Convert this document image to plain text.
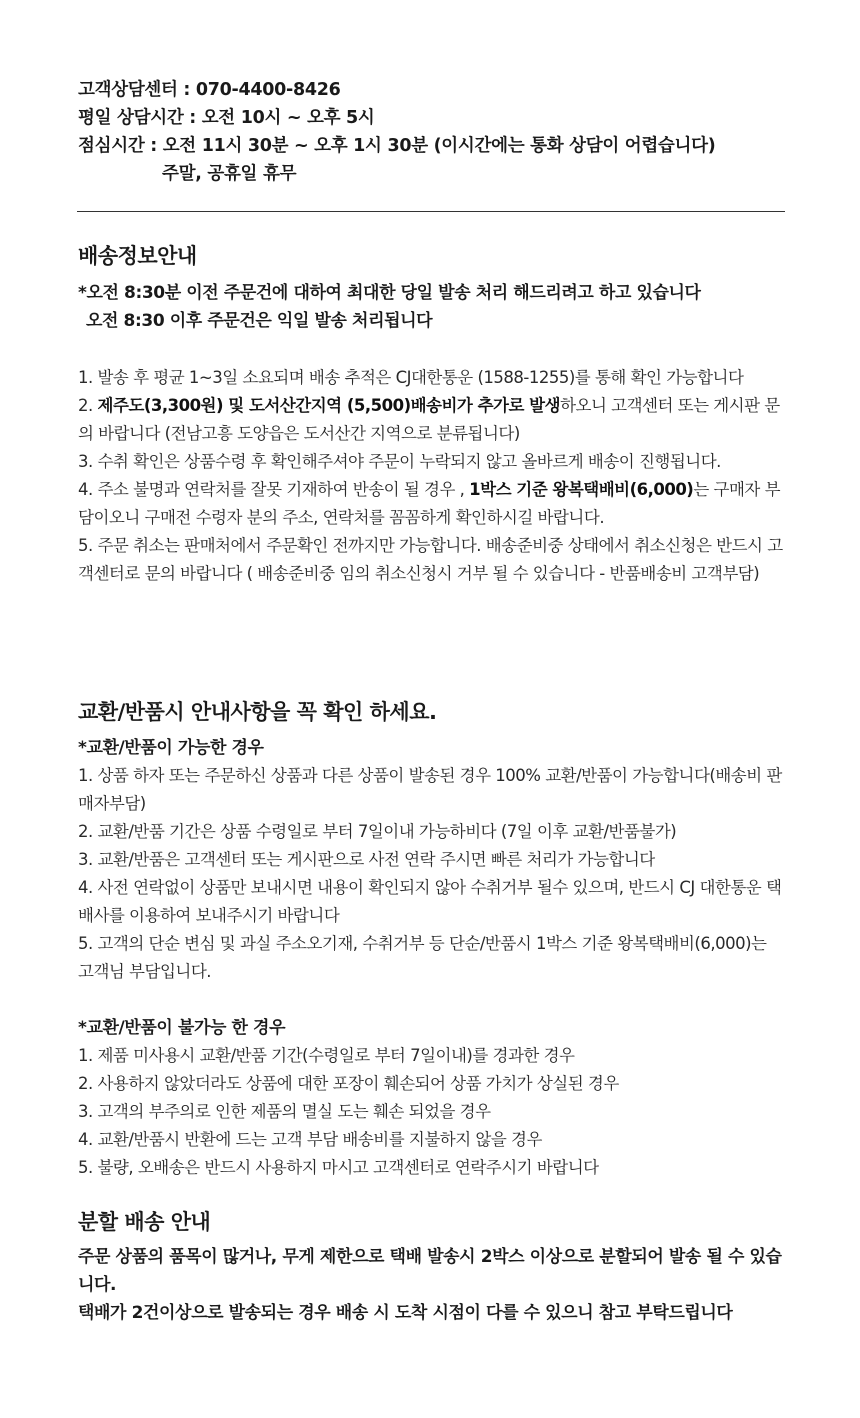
고객상담센터 : 070-4400-8426
평일 상담시간 : 오전 10시 ~ 오후 5시
점심시간 : 오전 11시 30분 ~ 오후 1시 30분 (이시간에는 통화 상담이 어렵습니다)
주말, 공휴일 휴무
배송정보안내

*오전 8:30분 이전 주문건에 대하여 최대한 당일 발송 처리 해드리려고 하고 있습니다

오전 8:30 이후 주문건은 익일 발송 처리됩니다

1. 발송 후 평균 1~3일 소요되며 배송 추적은 CJ대한통운 (1588-1255)를 통해 확인 가능합니다

2. 제주도(3,300원) 및 도서산간지역 (5,500)배송비가 추가로 발생하오니 고객센터 또는 게시판 문의 바랍니다 (전남고흥 도양읍은 도서산간 지역으로 분류됩니다)

3. 수취 확인은 상품수령 후 확인해주셔야 주문이 누락되지 않고 올바르게 배송이 진행됩니다.

4. 주소 불명과 연락처를 잘못 기재하여 반송이 될 경우 , 1박스 기준 왕복택배비(6,000)는 구매자 부담이오니 구매전 수령자 분의 주소, 연락처를 꼼꼼하게 확인하시길 바랍니다.

5. 주문 취소는 판매처에서 주문확인 전까지만 가능합니다. 배송준비중 상태에서 취소신청은 반드시 고객센터로 문의 바랍니다 ( 배송준비중 임의 취소신청시 거부 될 수 있습니다 - 반품배송비 고객부담)

교환/반품시 안내사항을 꼭 확인 하세요.

*교환/반품이 가능한 경우

1. 상품 하자 또는 주문하신 상품과 다른 상품이 발송된 경우 100% 교환/반품이 가능합니다(배송비 판매자부담)

2. 교환/반품 기간은 상품 수령일로 부터 7일이내 가능하비다 (7일 이후 교환/반품불가)

3. 교환/반품은 고객센터 또는 게시판으로 사전 연락 주시면 빠른 처리가 가능합니다

4. 사전 연락없이 상품만 보내시면 내용이 확인되지 않아 수취거부 될수 있으며, 반드시 CJ 대한통운 택배사를 이용하여 보내주시기 바랍니다

5. 고객의 단순 변심 및 과실 주소오기재, 수취거부 등 단순/반품시 1박스 기준 왕복택배비(6,000)는 고객님 부담입니다.

*교환/반품이 불가능 한 경우

1. 제품 미사용시 교환/반품 기간(수령일로 부터 7일이내)를 경과한 경우

2. 사용하지 않았더라도 상품에 대한 포장이 훼손되어 상품 가치가 상실된 경우

3. 고객의 부주의로 인한 제품의 멸실 도는 훼손 되었을 경우

4. 교환/반품시 반환에 드는 고객 부담 배송비를 지불하지 않을 경우

5. 불량, 오배송은 반드시 사용하지 마시고 고객센터로 연락주시기 바랍니다

분할 배송 안내

주문 상품의 품목이 많거나, 무게 제한으로 택배 발송시 2박스 이상으로 분할되어 발송 될 수 있습니다.

택배가 2건이상으로 발송되는 경우 배송 시 도착 시점이 다를 수 있으니 참고 부탁드립니다
